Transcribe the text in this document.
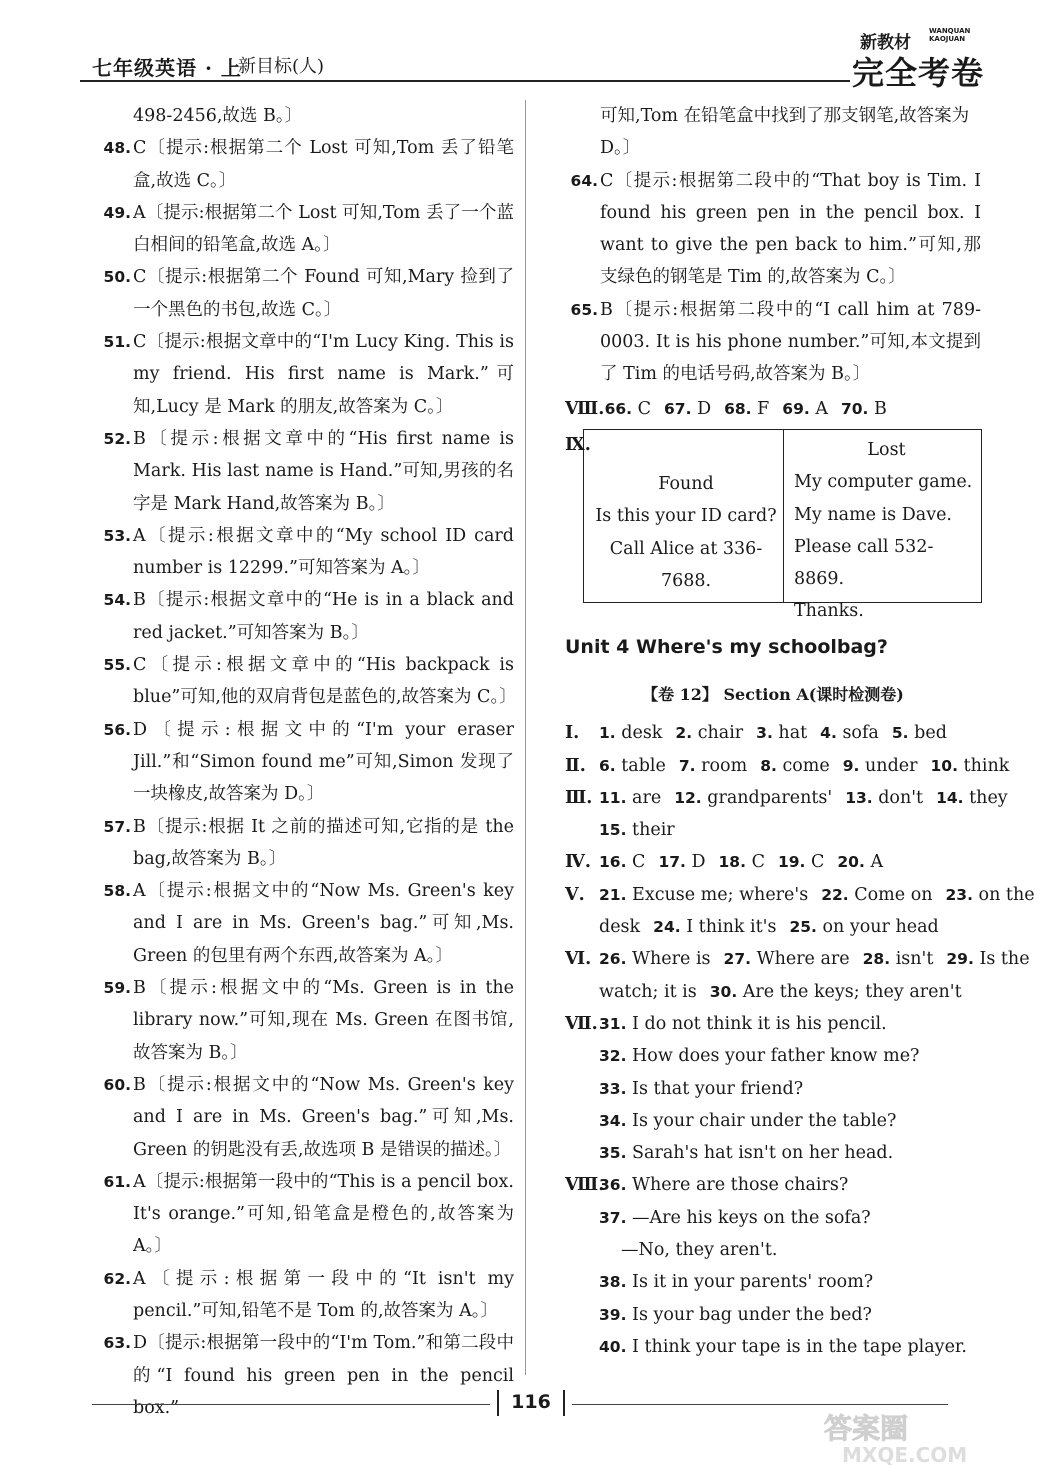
七年级英语 · 上
新目标(人)
新教材
WANQUAN
KAOJUAN
完全考卷
498-2456,故选 B。〕
48. C〔提示:根据第二个 Lost 可知,Tom 丢了铅笔盒,故选 C。〕
49. A〔提示:根据第二个 Lost 可知,Tom 丢了一个蓝白相间的铅笔盒,故选 A。〕
50. C〔提示:根据第二个 Found 可知,Mary 捡到了一个黑色的书包,故选 C。〕
51. C〔提示:根据文章中的“I'm Lucy King. This is my friend. His first name is Mark.”可知,Lucy 是 Mark 的朋友,故答案为 C。〕
52. B〔提示:根据文章中的“His first name is Mark. His last name is Hand.”可知,男孩的名字是 Mark Hand,故答案为 B。〕
53. A〔提示:根据文章中的“My school ID card number is 12299.”可知答案为 A。〕
54. B〔提示:根据文章中的“He is in a black and red jacket.”可知答案为 B。〕
55. C〔提示:根据文章中的“His backpack is blue”可知,他的双肩背包是蓝色的,故答案为 C。〕
56. D〔提示:根据文中的“I'm your eraser Jill.”和“Simon found me”可知,Simon 发现了一块橡皮,故答案为 D。〕
57. B〔提示:根据 It 之前的描述可知,它指的是 the bag,故答案为 B。〕
58. A〔提示:根据文中的“Now Ms. Green's key and I are in Ms. Green's bag.”可知,Ms. Green 的包里有两个东西,故答案为 A。〕
59. B〔提示:根据文中的“Ms. Green is in the library now.”可知,现在 Ms. Green 在图书馆,故答案为 B。〕
60. B〔提示:根据文中的“Now Ms. Green's key and I are in Ms. Green's bag.”可知,Ms. Green 的钥匙没有丢,故选项 B 是错误的描述。〕
61. A〔提示:根据第一段中的“This is a pencil box. It's orange.”可知,铅笔盒是橙色的,故答案为 A。〕
62. A〔提示:根据第一段中的“It isn't my pencil.”可知,铅笔不是 Tom 的,故答案为 A。〕
63. D〔提示:根据第一段中的“I'm Tom.”和第二段中的“I found his green pen in the pencil box.”
可知,Tom 在铅笔盒中找到了那支钢笔,故答案为 D。〕
64. C〔提示:根据第二段中的“That boy is Tim. I found his green pen in the pencil box. I want to give the pen back to him.”可知,那支绿色的钢笔是 Tim 的,故答案为 C。〕
65. B〔提示:根据第二段中的“I call him at 789-0003. It is his phone number.”可知,本文提到了 Tim 的电话号码,故答案为 B。〕
Ⅷ. 66. C 67. D 68. F 69. A 70. B
Ⅸ.
Found
Is this your ID card?
Call Alice at 336-7688.
Lost
My computer game.
My name is Dave.
Please call 532-8869.
Thanks.
Unit 4 Where's my schoolbag?
【卷 12】 Section A(课时检测卷)
Ⅰ. 1. desk 2. chair 3. hat 4. sofa 5. bed
Ⅱ. 6. table 7. room 8. come 9. under 10. think
Ⅲ. 11. are 12. grandparents' 13. don't 14. they
15. their
Ⅳ. 16. C 17. D 18. C 19. C 20. A
Ⅴ. 21. Excuse me; where's 22. Come on 23. on the
desk 24. I think it's 25. on your head
Ⅵ. 26. Where is 27. Where are 28. isn't 29. Is the
watch; it is 30. Are the keys; they aren't
Ⅶ.31. I do not think it is his pencil.
32. How does your father know me?
33. Is that your friend?
34. Is your chair under the table?
35. Sarah's hat isn't on her head.
Ⅷ.36. Where are those chairs?
37. —Are his keys on the sofa?
—No, they aren't.
38. Is it in your parents' room?
39. Is your bag under the bed?
40. I think your tape is in the tape player.
116
答案圈
MXQE.COM
